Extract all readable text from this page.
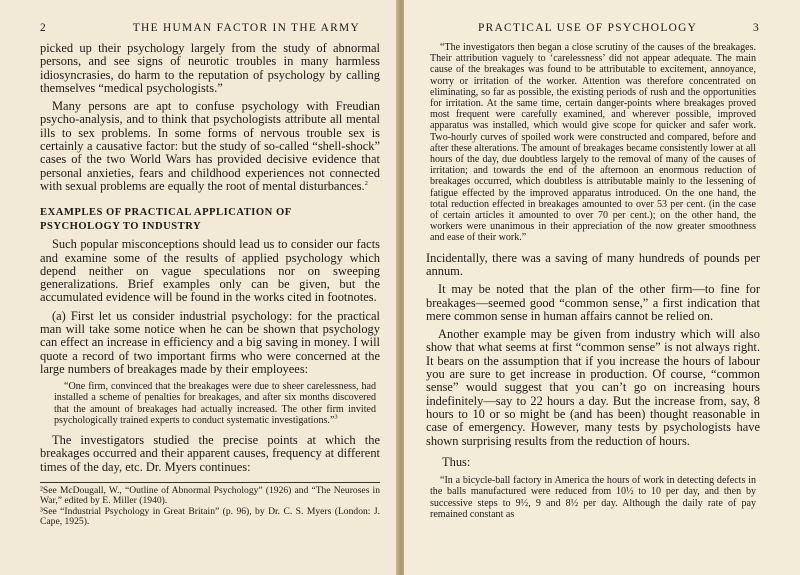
2	THE HUMAN FACTOR IN THE ARMY

picked up their psychology largely from the study of abnormal persons, and see signs of neurotic troubles in many harmless idiosyncrasies, do harm to the reputation of psychology by calling themselves “medical psychologists.”

Many persons are apt to confuse psychology with Freudian psycho-analysis, and to think that psychologists attribute all mental ills to sex problems. In some forms of nervous trouble sex is certainly a causative factor: but the study of so-called “shell-shock” cases of the two World Wars has provided decisive evidence that personal anxieties, fears and childhood experiences not connected with sexual problems are equally the root of mental disturbances.$^2$

EXAMPLES OF PRACTICAL APPLICATION OF
PSYCHOLOGY TO INDUSTRY

Such popular misconceptions should lead us to consider our facts and examine some of the results of applied psychology which depend neither on vague speculations nor on sweeping generalizations. Brief examples only can be given, but the accumulated evidence will be found in the works cited in footnotes.

(a) First let us consider industrial psychology: for the practical man will take some notice when he can be shown that psychology can effect an increase in efficiency and a big saving in money. I will quote a record of two important firms who were concerned at the large numbers of breakages made by their employees:

“One firm, convinced that the breakages were due to sheer carelessness, had installed a scheme of penalties for breakages, and after six months discovered that the amount of breakages had actually increased. The other firm invited psychologically trained experts to conduct systematic investigations.”$^3$

The investigators studied the precise points at which the breakages occurred and their apparent causes, frequency at different times of the day, etc. Dr. Myers continues:

²See McDougall, W., “Outline of Abnormal Psychology” (1926) and “The Neuroses in War,” edited by E. Miller (1940).

³See “Industrial Psychology in Great Britain” (p. 96), by Dr. C. S. Myers (London: J. Cape, 1925).

PRACTICAL USE OF PSYCHOLOGY	3
“The investigators then began a close scrutiny of the causes of the breakages. Their attribution vaguely to ‘carelessness’ did not appear adequate. The main cause of the breakages was found to be attributable to excitement, annoyance, worry or irritation of the worker. Attention was therefore concentrated on eliminating, so far as possible, the existing periods of rush and the opportunities for irritation. At the same time, certain danger-points where breakages proved most frequent were carefully examined, and wherever possible, improved apparatus was installed, which would give scope for quicker and safer work. Two-hourly curves of spoiled work were constructed and compared, before and after these alterations. The amount of breakages became consistently lower at all hours of the day, due doubtless largely to the removal of many of the causes of irritation; and towards the end of the afternoon an enormous reduction of breakages occurred, which doubtless is attributable mainly to the lessening of fatigue effected by the improved apparatus introduced. On the one hand, the total reduction effected in breakages amounted to over 53 per cent. (in the case of certain articles it amounted to over 70 per cent.); on the other hand, the workers were unanimous in their appreciation of the now greater smoothness and ease of their work.”

Incidentally, there was a saving of many hundreds of pounds per annum.

It may be noted that the plan of the other firm—to fine for breakages—seemed good “common sense,” a first indication that mere common sense in human affairs cannot be relied on.

Another example may be given from industry which will also show that what seems at first “common sense” is not always right. It bears on the assumption that if you increase the hours of labour you are sure to get increase in production. Of course, “common sense” would suggest that you can’t go on increasing hours indefinitely—say to 22 hours a day. But the increase from, say, 8 hours to 10 or so might be (and has been) thought reasonable in case of emergency. However, many tests by psychologists have shown surprising results from the reduction of hours.

Thus:

“In a bicycle-ball factory in America the hours of work in detecting defects in the balls manufactured were reduced from 10½ to 10 per day, and then by successive steps to 9½, 9 and 8½ per day. Although the daily rate of pay remained constant as
